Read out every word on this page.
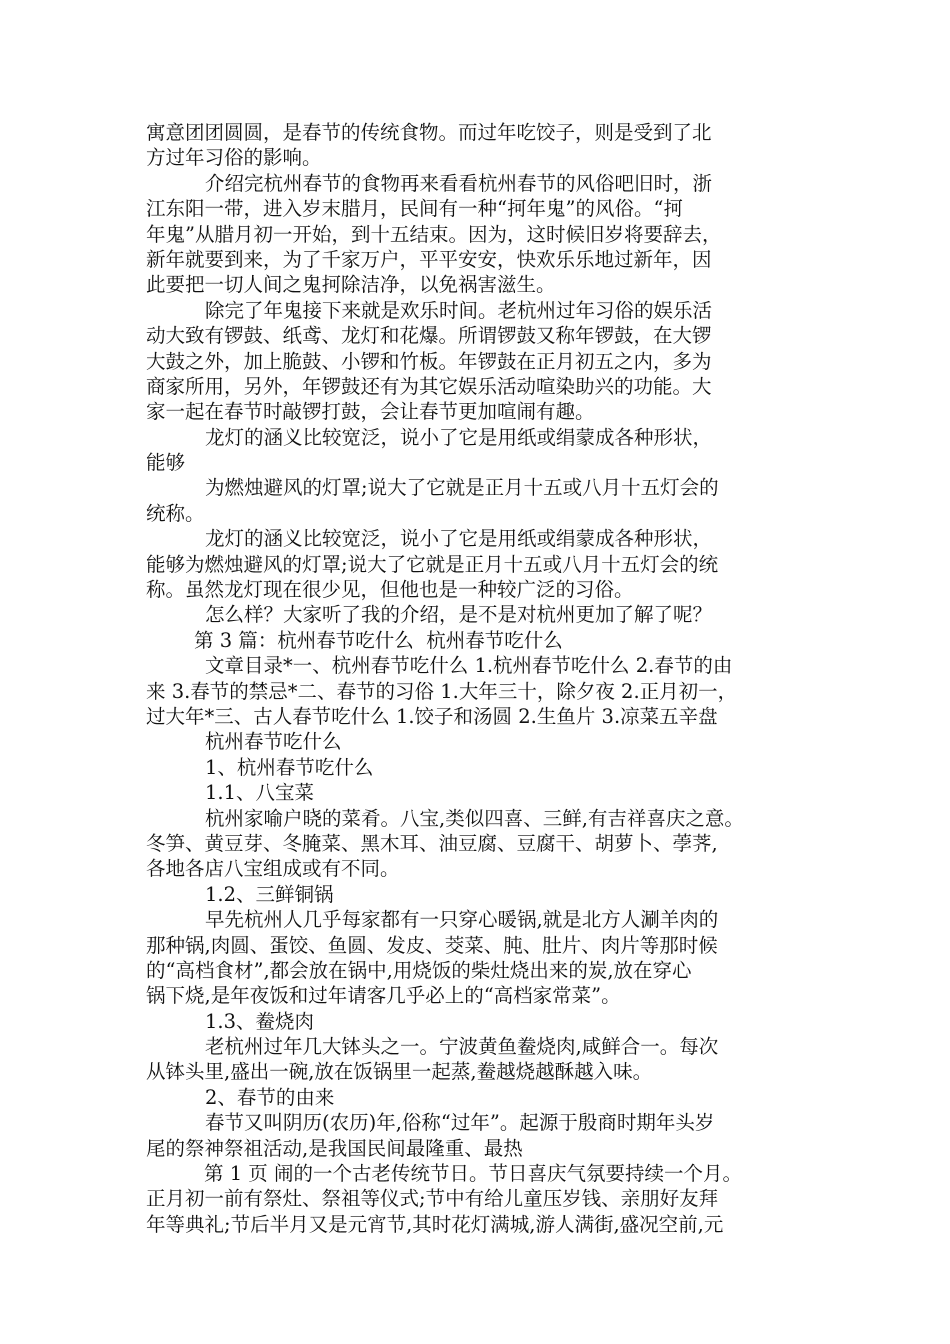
寓意团团圆圆，是春节的传统食物。而过年吃饺子，则是受到了北
方过年习俗的影响。
介绍完杭州春节的食物再来看看杭州春节的风俗吧旧时，浙
江东阳一带，进入岁末腊月，民间有一种“抲年鬼”的风俗。“抲
年鬼”从腊月初一开始，到十五结束。因为，这时候旧岁将要辞去，
新年就要到来，为了千家万户，平平安安，快欢乐乐地过新年，因
此要把一切人间之鬼抲除洁净，以免祸害滋生。
除完了年鬼接下来就是欢乐时间。老杭州过年习俗的娱乐活
动大致有锣鼓、纸鸢、龙灯和花爆。所谓锣鼓又称年锣鼓，在大锣
大鼓之外，加上脆鼓、小锣和竹板。年锣鼓在正月初五之内，多为
商家所用，另外，年锣鼓还有为其它娱乐活动喧染助兴的功能。大
家一起在春节时敲锣打鼓，会让春节更加喧闹有趣。
龙灯的涵义比较宽泛，说小了它是用纸或绢蒙成各种形状，
能够
为燃烛避风的灯罩;说大了它就是正月十五或八月十五灯会的
统称。
龙灯的涵义比较宽泛，说小了它是用纸或绢蒙成各种形状，
能够为燃烛避风的灯罩;说大了它就是正月十五或八月十五灯会的统
称。虽然龙灯现在很少见，但他也是一种较广泛的习俗。
怎么样？大家听了我的介绍，是不是对杭州更加了解了呢？
第 3 篇：杭州春节吃什么  杭州春节吃什么
文章目录*一、杭州春节吃什么 1.杭州春节吃什么 2.春节的由
来 3.春节的禁忌*二、春节的习俗 1.大年三十，除夕夜 2.正月初一，
过大年*三、古人春节吃什么 1.饺子和汤圆 2.生鱼片 3.凉菜五辛盘
杭州春节吃什么
1、杭州春节吃什么
1.1、八宝菜
杭州家喻户晓的菜肴。八宝,类似四喜、三鲜,有吉祥喜庆之意。
冬笋、黄豆芽、冬腌菜、黑木耳、油豆腐、豆腐干、胡萝卜、荸荠,
各地各店八宝组成或有不同。
1.2、三鲜铜锅
早先杭州人几乎每家都有一只穿心暖锅,就是北方人涮羊肉的
那种锅,肉圆、蛋饺、鱼圆、发皮、茭菜、肫、肚片、肉片等那时候
的“高档食材”,都会放在锅中,用烧饭的柴灶烧出来的炭,放在穿心
锅下烧,是年夜饭和过年请客几乎必上的“高档家常菜”。
1.3、鲞烧肉
老杭州过年几大钵头之一。宁波黄鱼鲞烧肉,咸鲜合一。每次
从钵头里,盛出一碗,放在饭锅里一起蒸,鲞越烧越酥越入味。
2、春节的由来
春节又叫阴历(农历)年,俗称“过年”。起源于殷商时期年头岁
尾的祭神祭祖活动,是我国民间最隆重、最热
第 1 页 闹的一个古老传统节日。节日喜庆气氛要持续一个月。
正月初一前有祭灶、祭祖等仪式;节中有给儿童压岁钱、亲朋好友拜
年等典礼;节后半月又是元宵节,其时花灯满城,游人满街,盛况空前,元
